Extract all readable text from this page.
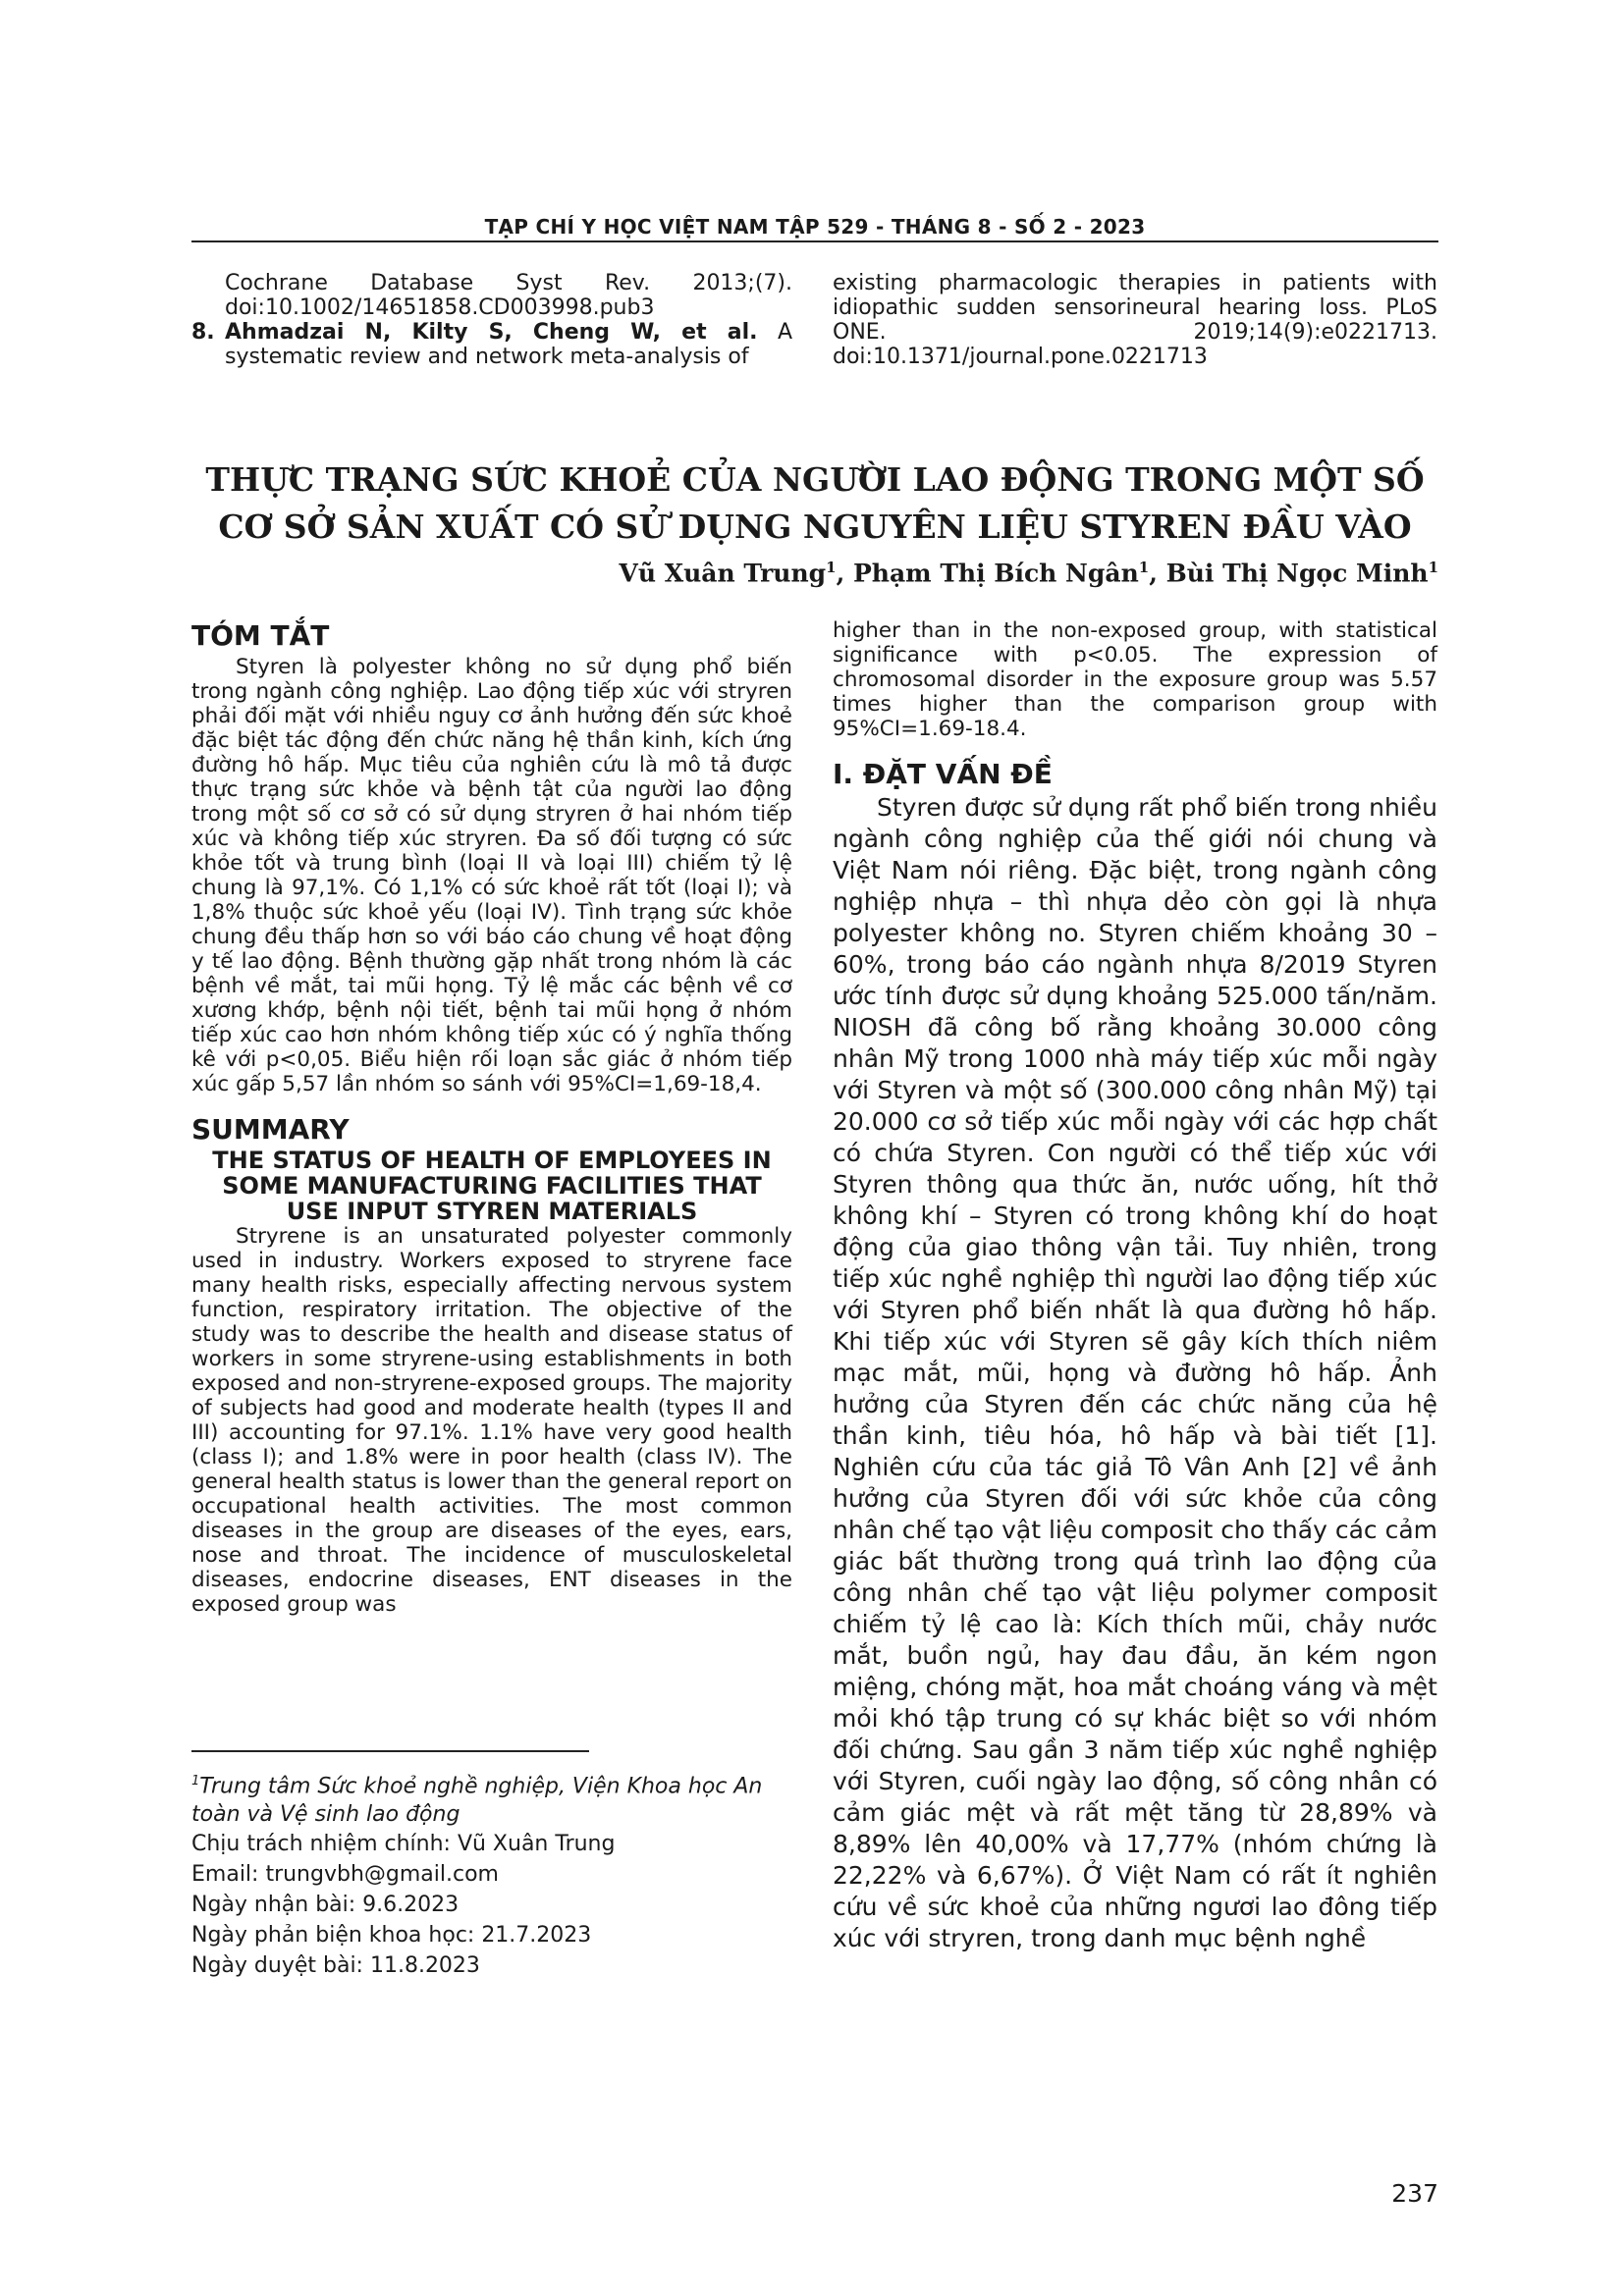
TẠP CHÍ Y HỌC VIỆT NAM TẬP 529 - THÁNG 8 - SỐ 2 - 2023
Cochrane Database Syst Rev. 2013;(7).
doi:10.1002/14651858.CD003998.pub3
8. Ahmadzai N, Kilty S, Cheng W, et al. A systematic review and network meta-analysis of
existing pharmacologic therapies in patients with idiopathic sudden sensorineural hearing loss. PLoS ONE. 2019;14(9):e0221713. doi:10.1371/journal.pone.0221713
THỰC TRẠNG SỨC KHOẺ CỦA NGƯỜI LAO ĐỘNG TRONG MỘT SỐ
CƠ SỞ SẢN XUẤT CÓ SỬ DỤNG NGUYÊN LIỆU STYREN ĐẦU VÀO
Vũ Xuân Trung$^1$, Phạm Thị Bích Ngân$^1$, Bùi Thị Ngọc Minh$^1$
TÓM TẮT

Styren là polyester không no sử dụng phổ biến trong ngành công nghiệp. Lao động tiếp xúc với stryren phải đối mặt với nhiều nguy cơ ảnh hưởng đến sức khoẻ đặc biệt tác động đến chức năng hệ thần kinh, kích ứng đường hô hấp. Mục tiêu của nghiên cứu là mô tả được thực trạng sức khỏe và bệnh tật của người lao động trong một số cơ sở có sử dụng stryren ở hai nhóm tiếp xúc và không tiếp xúc stryren. Đa số đối tượng có sức khỏe tốt và trung bình (loại II và loại III) chiếm tỷ lệ chung là 97,1%. Có 1,1% có sức khoẻ rất tốt (loại I); và 1,8% thuộc sức khoẻ yếu (loại IV). Tình trạng sức khỏe chung đều thấp hơn so với báo cáo chung về hoạt động y tế lao động. Bệnh thường gặp nhất trong nhóm là các bệnh về mắt, tai mũi họng. Tỷ lệ mắc các bệnh về cơ xương khớp, bệnh nội tiết, bệnh tai mũi họng ở nhóm tiếp xúc cao hơn nhóm không tiếp xúc có ý nghĩa thống kê với p<0,05. Biểu hiện rối loạn sắc giác ở nhóm tiếp xúc gấp 5,57 lần nhóm so sánh với 95%CI=1,69-18,4.

SUMMARY
THE STATUS OF HEALTH OF EMPLOYEES IN
SOME MANUFACTURING FACILITIES THAT
USE INPUT STYREN MATERIALS

Stryrene is an unsaturated polyester commonly used in industry. Workers exposed to stryrene face many health risks, especially affecting nervous system function, respiratory irritation. The objective of the study was to describe the health and disease status of workers in some stryrene-using establishments in both exposed and non-stryrene-exposed groups. The majority of subjects had good and moderate health (types II and III) accounting for 97.1%. 1.1% have very good health (class I); and 1.8% were in poor health (class IV). The general health status is lower than the general report on occupational health activities. The most common diseases in the group are diseases of the eyes, ears, nose and throat. The incidence of musculoskeletal diseases, endocrine diseases, ENT diseases in the exposed group was

higher than in the non-exposed group, with statistical significance with p<0.05. The expression of chromosomal disorder in the exposure group was 5.57 times higher than the comparison group with 95%CI=1.69-18.4.

I. ĐẶT VẤN ĐỀ

Styren được sử dụng rất phổ biến trong nhiều ngành công nghiệp của thế giới nói chung và Việt Nam nói riêng. Đặc biệt, trong ngành công nghiệp nhựa – thì nhựa dẻo còn gọi là nhựa polyester không no. Styren chiếm khoảng 30 – 60%, trong báo cáo ngành nhựa 8/2019 Styren ước tính được sử dụng khoảng 525.000 tấn/năm. NIOSH đã công bố rằng khoảng 30.000 công nhân Mỹ trong 1000 nhà máy tiếp xúc mỗi ngày với Styren và một số (300.000 công nhân Mỹ) tại 20.000 cơ sở tiếp xúc mỗi ngày với các hợp chất có chứa Styren. Con người có thể tiếp xúc với Styren thông qua thức ăn, nước uống, hít thở không khí – Styren có trong không khí do hoạt động của giao thông vận tải. Tuy nhiên, trong tiếp xúc nghề nghiệp thì người lao động tiếp xúc với Styren phổ biến nhất là qua đường hô hấp. Khi tiếp xúc với Styren sẽ gây kích thích niêm mạc mắt, mũi, họng và đường hô hấp. Ảnh hưởng của Styren đến các chức năng của hệ thần kinh, tiêu hóa, hô hấp và bài tiết [1]. Nghiên cứu của tác giả Tô Vân Anh [2] về ảnh hưởng của Styren đối với sức khỏe của công nhân chế tạo vật liệu composit cho thấy các cảm giác bất thường trong quá trình lao động của công nhân chế tạo vật liệu polymer composit chiếm tỷ lệ cao là: Kích thích mũi, chảy nước mắt, buồn ngủ, hay đau đầu, ăn kém ngon miệng, chóng mặt, hoa mắt choáng váng và mệt mỏi khó tập trung có sự khác biệt so với nhóm đối chứng. Sau gần 3 năm tiếp xúc nghề nghiệp với Styren, cuối ngày lao động, số công nhân có cảm giác mệt và rất mệt tăng từ 28,89% và 8,89% lên 40,00% và 17,77% (nhóm chứng là 22,22% và 6,67%). Ở Việt Nam có rất ít nghiên cứu về sức khoẻ của những ngươi lao đông tiếp xúc với stryren, trong danh mục bệnh nghề

$^1$Trung tâm Sức khoẻ nghề nghiệp, Viện Khoa học An toàn và Vệ sinh lao động
Chịu trách nhiệm chính: Vũ Xuân Trung
Email: trungvbh@gmail.com
Ngày nhận bài: 9.6.2023
Ngày phản biện khoa học: 21.7.2023
Ngày duyệt bài: 11.8.2023
237
